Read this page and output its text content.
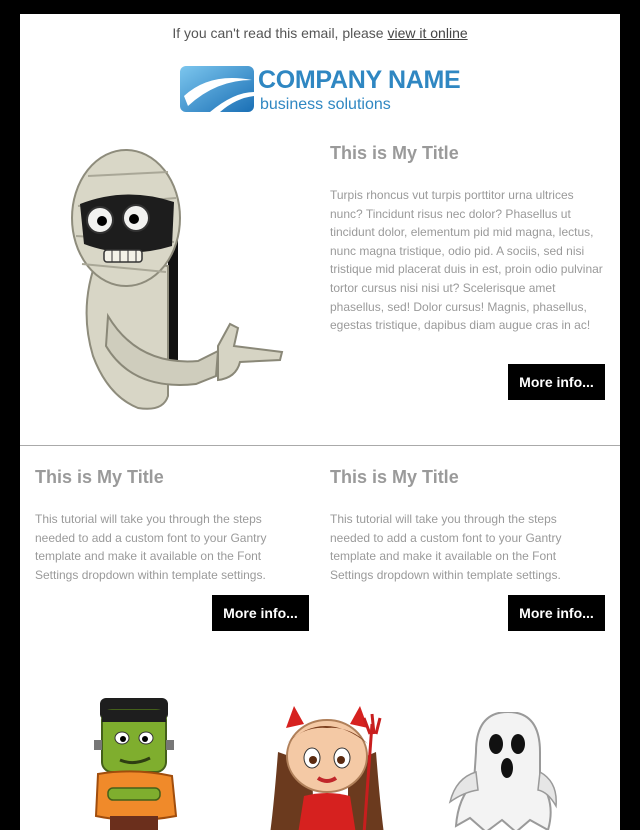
If you can't read this email, please view it online
COMPANY NAME
business solutions
This is My Title

Turpis rhoncus vut turpis porttitor urna ultrices nunc? Tincidunt risus nec dolor? Phasellus ut tincidunt dolor, elementum pid mid magna, lectus, nunc magna tristique, odio pid. A sociis, sed nisi tristique mid placerat duis in est, proin odio pulvinar tortor cursus nisi nisi ut? Scelerisque amet phasellus, sed! Dolor cursus! Magnis, phasellus, egestas tristique, dapibus diam augue cras in ac!

More info...
This is My Title

This tutorial will take you through the steps needed to add a custom font to your Gantry template and make it available on the Font Settings dropdown within template settings.

More info...
This is My Title

This tutorial will take you through the steps needed to add a custom font to your Gantry template and make it available on the Font Settings dropdown within template settings.

More info...
